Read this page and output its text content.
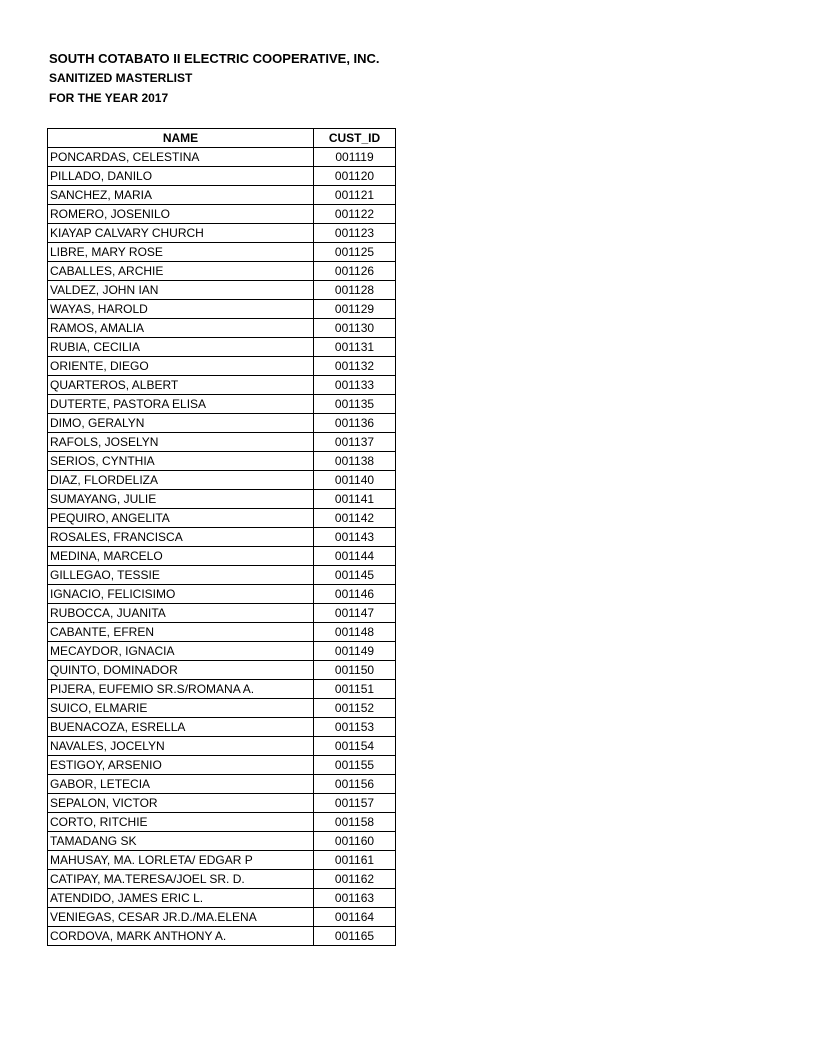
SOUTH COTABATO II ELECTRIC COOPERATIVE, INC.
SANITIZED MASTERLIST
FOR THE YEAR 2017
NAME	CUST_ID
PONCARDAS, CELESTINA	001119
PILLADO, DANILO	001120
SANCHEZ, MARIA	001121
ROMERO, JOSENILO	001122
KIAYAP CALVARY CHURCH	001123
LIBRE, MARY ROSE	001125
CABALLES, ARCHIE	001126
VALDEZ, JOHN IAN	001128
WAYAS, HAROLD	001129
RAMOS, AMALIA	001130
RUBIA, CECILIA	001131
ORIENTE, DIEGO	001132
QUARTEROS, ALBERT	001133
DUTERTE, PASTORA ELISA	001135
DIMO, GERALYN	001136
RAFOLS, JOSELYN	001137
SERIOS, CYNTHIA	001138
DIAZ, FLORDELIZA	001140
SUMAYANG, JULIE	001141
PEQUIRO, ANGELITA	001142
ROSALES, FRANCISCA	001143
MEDINA, MARCELO	001144
GILLEGAO, TESSIE	001145
IGNACIO, FELICISIMO	001146
RUBOCCA, JUANITA	001147
CABANTE, EFREN	001148
MECAYDOR, IGNACIA	001149
QUINTO, DOMINADOR	001150
PIJERA, EUFEMIO SR.S/ROMANA A.	001151
SUICO, ELMARIE	001152
BUENACOZA, ESRELLA	001153
NAVALES, JOCELYN	001154
ESTIGOY, ARSENIO	001155
GABOR, LETECIA	001156
SEPALON, VICTOR	001157
CORTO, RITCHIE	001158
TAMADANG SK	001160
MAHUSAY, MA. LORLETA/ EDGAR P	001161
CATIPAY, MA.TERESA/JOEL SR. D.	001162
ATENDIDO, JAMES ERIC L.	001163
VENIEGAS, CESAR JR.D./MA.ELENA	001164
CORDOVA, MARK ANTHONY A.	001165
